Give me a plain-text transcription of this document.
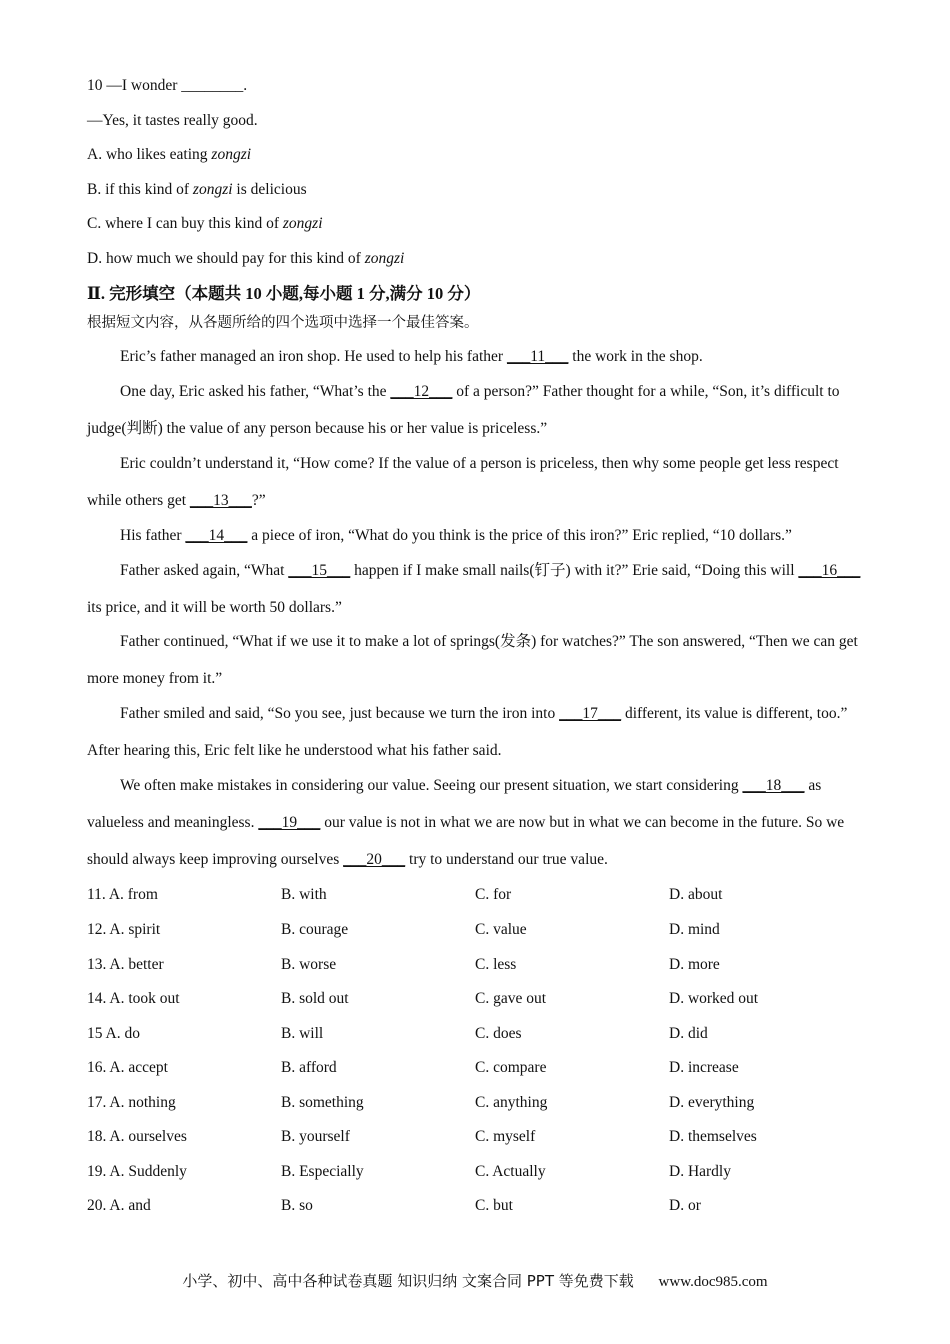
10 —I wonder ________.
—Yes, it tastes really good.
A. who likes eating zongzi
B. if this kind of zongzi is delicious
C. where I can buy this kind of zongzi
D. how much we should pay for this kind of zongzi
Ⅱ. 完形填空（本题共 10 小题,每小题 1 分,满分 10 分）
根据短文内容，从各题所给的四个选项中选择一个最佳答案。
Eric’s father managed an iron shop. He used to help his father ___11___ the work in the shop.
One day, Eric asked his father, “What’s the ___12___ of a person?” Father thought for a while, “Son, it’s difficult to judge(判断) the value of any person because his or her value is priceless.”
Eric couldn’t understand it, “How come? If the value of a person is priceless, then why some people get less respect while others get ___13___?”
His father ___14___ a piece of iron, “What do you think is the price of this iron?” Eric replied, “10 dollars.”
Father asked again, “What ___15___ happen if I make small nails(钉子) with it?” Erie said, “Doing this will ___16___ its price, and it will be worth 50 dollars.”
Father continued, “What if we use it to make a lot of springs(发条) for watches?” The son answered, “Then we can get more money from it.”
Father smiled and said, “So you see, just because we turn the iron into ___17___ different, its value is different, too.” After hearing this, Eric felt like he understood what his father said.
We often make mistakes in considering our value. Seeing our present situation, we start considering ___18___ as valueless and meaningless. ___19___ our value is not in what we are now but in what we can become in the future. So we should always keep improving ourselves ___20___ try to understand our true value.
11. A. from	B. with	C. for	D. about
12. A. spirit	B. courage	C. value	D. mind
13. A. better	B. worse	C. less	D. more
14. A. took out	B. sold out	C. gave out	D. worked out
15 A. do	B. will	C. does	D. did
16. A. accept	B. afford	C. compare	D. increase
17. A. nothing	B. something	C. anything	D. everything
18. A. ourselves	B. yourself	C. myself	D. themselves
19. A. Suddenly	B. Especially	C. Actually	D. Hardly
20. A. and	B. so	C. but	D. or
小学、初中、高中各种试卷真题 知识归纳 文案合同 PPT 等免费下载 www.doc985.com
